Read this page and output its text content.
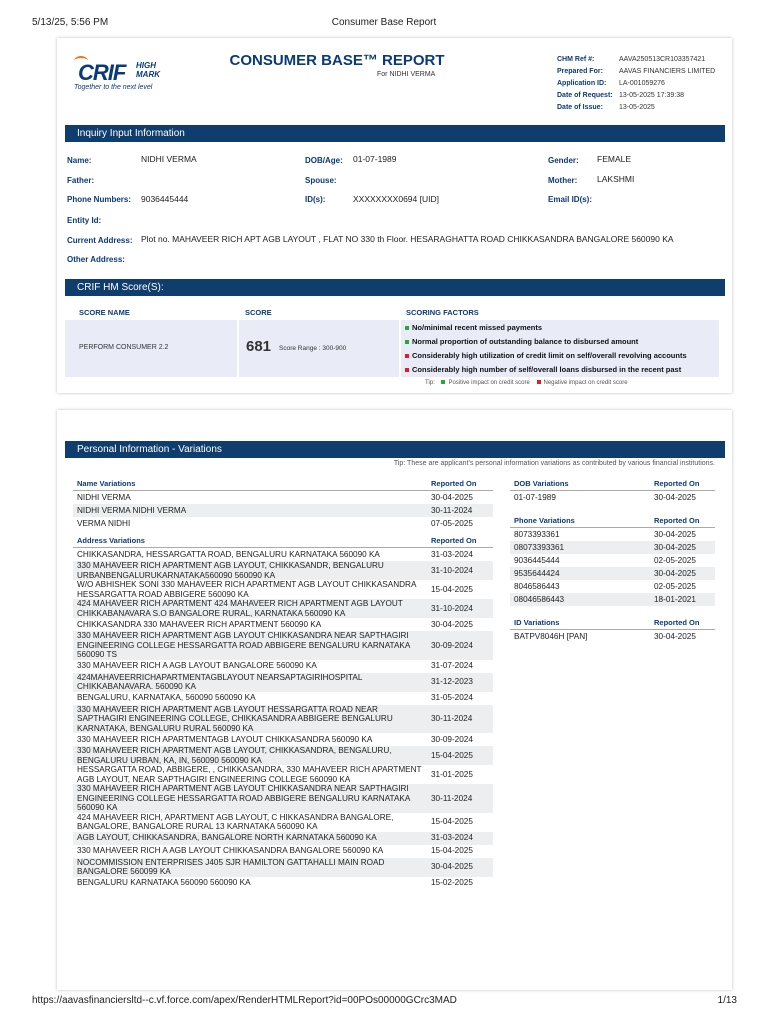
5/13/25, 5:56 PM	Consumer Base Report
CRIF HIGH
MARK
Together to the next level
CONSUMER BASE™ REPORT
For NIDHI VERMA
CHM Ref #:	AAVA250513CR103357421
Prepared For: AAVAS FINANCIERS LIMITED
Application ID: LA-001059276
Date of Request: 13-05-2025 17:39:38
Date of Issue: 13-05-2025
Inquiry Input Information
Name:	NIDHI VERMA	DOB/Age: 01-07-1989	Gender: FEMALE
Father:	Spouse:	Mother: LAKSHMI
Phone Numbers: 9036445444	ID(s):	XXXXXXXX0694 [UID]	Email ID(s):
Entity Id:
Current Address: Plot no. MAHAVEER RICH APT AGB LAYOUT , FLAT NO 330 th Floor. HESARAGHATTA ROAD CHIKKASANDRA BANGALORE 560090 KA
Other Address:
CRIF HM Score(S):
SCORE NAME	SCORE	SCORING FACTORS
PERFORM CONSUMER 2.2	681 Score Range : 300-900
No/minimal recent missed payments
Normal proportion of outstanding balance to disbursed amount
Considerably high utilization of credit limit on self/overall revolving accounts
Considerably high number of self/overall loans disbursed in the recent past
Tip: Positive impact on credit score Negative impact on credit score
Personal Information - Variations
Tip: These are applicant's personal information variations as contributed by various financial institutions.
Name Variations	Reported On
NIDHI VERMA	30-04-2025
NIDHI VERMA NIDHI VERMA	30-11-2024
VERMA NIDHI	07-05-2025

Address Variations	Reported On
CHIKKASANDRA, HESSARGATTA ROAD, BENGALURU KARNATAKA 560090 KA	31-03-2024
330 MAHAVEER RICH APARTMENT AGB LAYOUT, CHIKKASANDR, BENGALURU URBANBENGALURUKARNATAKA560090 560090 KA	31-10-2024
W/O ABHISHEK SONI 330 MAHAVEER RICH APARTMENT AGB LAYOUT CHIKKASANDRA HESSARGATTA ROAD ABBIGERE 560090 KA	15-04-2025
424 MAHAVEER RICH APARTMENT 424 MAHAVEER RICH APARTMENT AGB LAYOUT CHIKKABANAVARA S.O BANGALORE RURAL, KARNATAKA 560090 KA	31-10-2024
CHIKKASANDRA 330 MAHAVEER RICH APARTMENT 560090 KA	30-04-2025
330 MAHAVEER RICH APARTMENT AGB LAYOUT CHIKKASANDRA NEAR SAPTHAGIRI ENGINEERING COLLEGE HESSARGATTA ROAD ABBIGERE BENGALURU KARNATAKA 560090 TS	30-09-2024
330 MAHAVEER RICH A AGB LAYOUT BANGALORE 560090 KA	31-07-2024
424MAHAVEERRICHAPARTMENTAGBLAYOUT NEARSAPTAGIRIHOSPITAL CHIKKABANAVARA. 560090 KA	31-12-2023
BENGALURU, KARNATAKA, 560090 560090 KA	31-05-2024
330 MAHAVEER RICH APARTMENT AGB LAYOUT HESSARGATTA ROAD NEAR SAPTHAGIRI ENGINEERING COLLEGE, CHIKKASANDRA ABBIGERE BENGALURU KARNATAKA, BENGALURU RURAL 560090 KA	30-11-2024
330 MAHAVEER RICH APARTMENTAGB LAYOUT CHIKKASANDRA 560090 KA	30-09-2024
330 MAHAVEER RICH APARTMENT AGB LAYOUT, CHIKKASANDRA, BENGALURU, BENGALURU URBAN, KA, IN, 560090 560090 KA	15-04-2025
HESSARGATTA ROAD, ABBIGERE, , CHIKKASANDRA, 330 MAHAVEER RICH APARTMENT AGB LAYOUT, NEAR SAPTHAGIRI ENGINEERING COLLEGE 560090 KA	31-01-2025
330 MAHAVEER RICH APARTMENT AGB LAYOUT CHIKKASANDRA NEAR SAPTHAGIRI ENGINEERING COLLEGE HESSARGATTA ROAD ABBIGERE BENGALURU KARNATAKA 560090 KA	30-11-2024
424 MAHAVEER RICH, APARTMENT AGB LAYOUT, C HIKKASANDRA BANGALORE, BANGALORE, BANGALORE RURAL 13 KARNATAKA 560090 KA	15-04-2025
AGB LAYOUT, CHIKKASANDRA, BANGALORE NORTH KARNATAKA 560090 KA	31-03-2024
330 MAHAVEER RICH A AGB LAYOUT CHIKKASANDRA BANGALORE 560090 KA	15-04-2025
NOCOMMISSION ENTERPRISES J405 SJR HAMILTON GATTAHALLI MAIN ROAD BANGALORE 560099 KA	30-04-2025
BENGALURU KARNATAKA 560090 560090 KA	15-02-2025
DOB Variations	Reported On
01-07-1989	30-04-2025

Phone Variations	Reported On
8073393361	30-04-2025
08073393361	30-04-2025
9036445444	02-05-2025
9535644424	30-04-2025
8046586443	02-05-2025
08046586443	18-01-2021

ID Variations	Reported On
BATPV8046H [PAN]	30-04-2025
https://aavasfinanciersltd--c.vf.force.com/apex/RenderHTMLReport?id=00POs00000GCrc3MAD	1/13
